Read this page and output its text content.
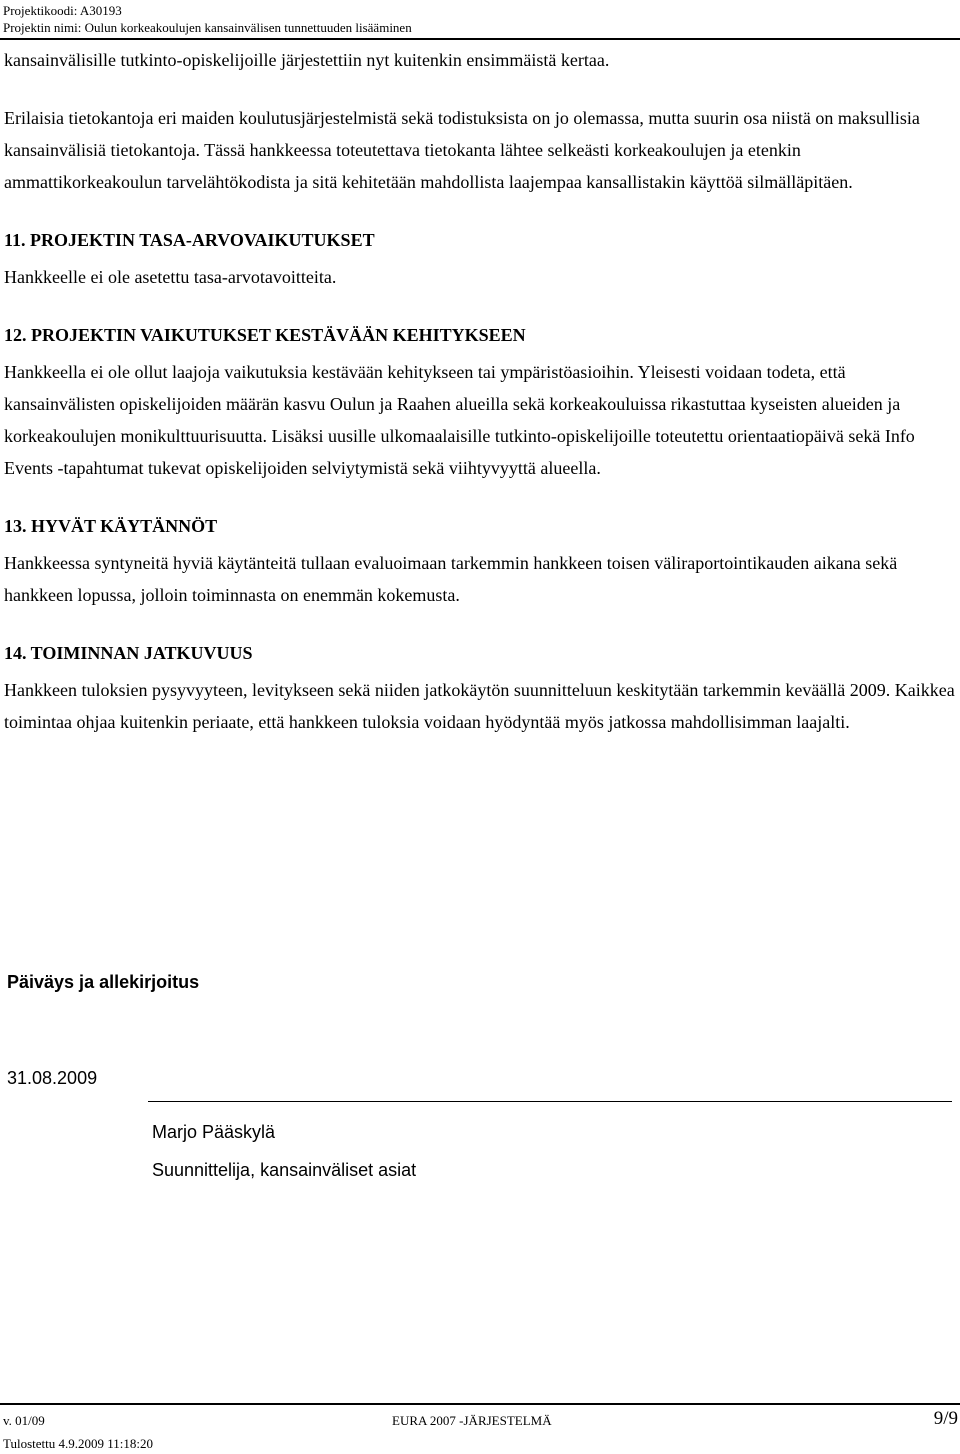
Projektikoodi: A30193
Projektin nimi: Oulun korkeakoulujen kansainvälisen tunnettuuden lisääminen

kansainvälisille tutkinto-opiskelijoille järjestettiin nyt kuitenkin ensimmäistä kertaa.

Erilaisia tietokantoja eri maiden koulutusjärjestelmistä sekä todistuksista on jo olemassa, mutta suurin osa niistä on maksullisia kansainvälisiä tietokantoja. Tässä hankkeessa toteutettava tietokanta lähtee selkeästi korkeakoulujen ja etenkin ammattikorkeakoulun tarvelähtökodista ja sitä kehitetään mahdollista laajempaa kansallistakin käyttöä silmälläpitäen.

11. PROJEKTIN TASA-ARVOVAIKUTUKSET

Hankkeelle ei ole asetettu tasa-arvotavoitteita.

12. PROJEKTIN VAIKUTUKSET KESTÄVÄÄN KEHITYKSEEN

Hankkeella ei ole ollut laajoja vaikutuksia kestävään kehitykseen tai ympäristöasioihin. Yleisesti voidaan todeta, että kansainvälisten opiskelijoiden määrän kasvu Oulun ja Raahen alueilla sekä korkeakouluissa rikastuttaa kyseisten alueiden ja korkeakoulujen monikulttuurisuutta. Lisäksi uusille ulkomaalaisille tutkinto-opiskelijoille toteutettu orientaatiopäivä sekä Info Events -tapahtumat tukevat opiskelijoiden selviytymistä sekä viihtyvyyttä alueella.

13. HYVÄT KÄYTÄNNÖT

Hankkeessa syntyneitä hyviä käytänteitä tullaan evaluoimaan tarkemmin hankkeen toisen väliraportointikauden aikana sekä hankkeen lopussa, jolloin toiminnasta on enemmän kokemusta.

14. TOIMINNAN JATKUVUUS

Hankkeen tuloksien pysyvyyteen, levitykseen sekä niiden jatkokäytön suunnitteluun keskitytään tarkemmin keväällä 2009. Kaikkea toimintaa ohjaa kuitenkin periaate, että hankkeen tuloksia voidaan hyödyntää myös jatkossa mahdollisimman laajalti.

Päiväys ja allekirjoitus
31.08.2009
Marjo Pääskylä
Suunnittelija, kansainväliset asiat
v. 01/09	EURA 2007 -JÄRJESTELMÄ	9/9
Tulostettu 4.9.2009 11:18:20
